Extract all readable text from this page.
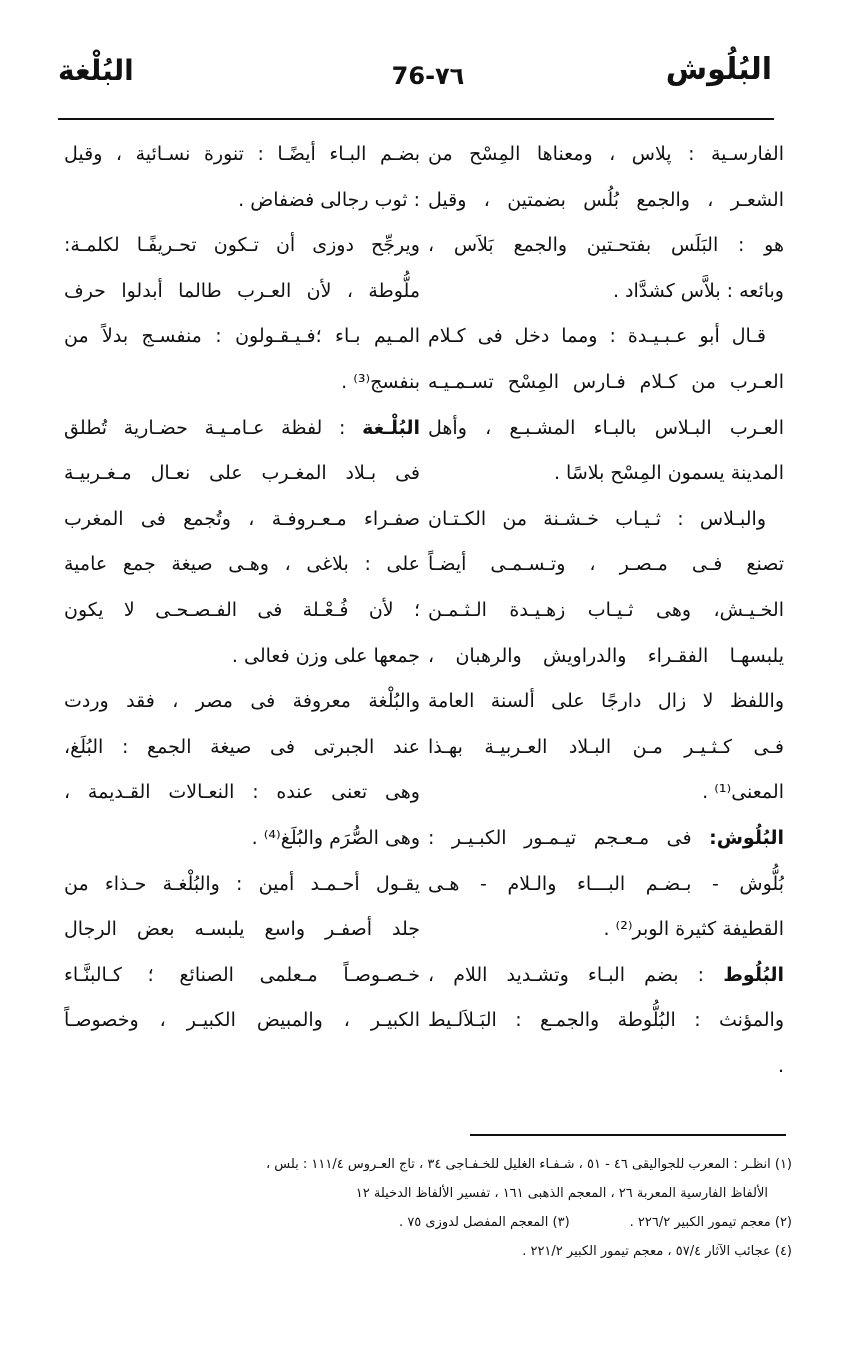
البُلُوش
76-٧٦
البُلْغة
الفارسـية : پلاس ، ومعناها المِسْح من
الشعـر ، والجمع بُلُس بضمتين ، وقيل
هو : البَلَس بفتحـتين والجمع بَلاَس ،
وبائعه : بلاَّس كشدَّاد .
قـال أبو عـبـيـدة : ومما دخل فى كـلام
العـرب من كـلام فـارس المِسْح تسـمـيـه
العـرب البـلاس بالبـاء المشـبـع ، وأهل
المدينة يسمون المِسْح بلاسًا .
والبـلاس : ثـيـاب خـشـنة من الكـتـان
تصنع فـى مـصـر ، وتـسـمـى أيضـاً
الخـيـش، وهى ثـيـاب زهـيـدة الـثـمـن
يلبسهـا الفقـراء والدراويش والرهبان ،
واللفظ لا زال دارجًا على ألسنة العامة
فـى كـثـيـر مـن البـلاد العـربيـة بهـذا
المعنى⁽¹⁾ .
البُلُوش: فى مـعـجم تيـمـور الكبـيـر :
بُلُّوش - بـضـم البـــاء والـلام - هـى
القطيفة كثيرة الوبر⁽²⁾ .
البُلُوط : بضم البـاء وتشـديد اللام ،
والمؤنث : البُلُّوطة والجمـع : البَـلاَلـيط
.
بضـم البـاء أيضًـا : تنورة نسـائية ، وقيل
: ثوب رجالى فضفاض .
ويرجِّح دوزى أن تـكون تحـريفًـا لكلمـة:
ملُّوطة ، لأن العـرب طالما أبدلوا حرف
المـيم بـاء ؛فـيـقـولون : منفسـج بدلاً من
بنفسج⁽³⁾ .
البُلْـغة : لفظة عـامـيـة حضـارية تُطلق
فى بـلاد المغـرب على نعـال مـغـربيـة
صفـراء مـعـروفـة ، وتُجمع فى المغرب
على : بلاغى ، وهـى صيغة جمع عامية
؛ لأن فُـعْـلة فى الفـصـحـى لا يكون
جمعها على وزن فعالى .
والبُلْغة معروفة فى مصر ، فقد وردت
عند الجبرتى فى صيغة الجمع : البُلَغ،
وهى تعنى عنده : النعـالات القـديمة ،
وهى الصُّرَم والبُلَغ⁽⁴⁾ .
يقـول أحـمـد أمين : والبُلْغـة حـذاء من
جلد أصفـر واسع يلبسـه بعض الرجال
خـصـوصـاً مـعلمى الصنائع ؛ كـالبنَّـاء
الكبيـر ، والمبيض الكبيـر ، وخصوصـاً
(١) انظـر : المعرب للجواليقى ٤٦ - ٥١ ، شـفـاء الغليل للخـفـاجى ٣٤ ، تاج العـروس ١١١/٤ : بلس ،
الألفاظ الفارسية المعربة ٢٦ ، المعجم الذهبى ١٦١ ، تفسير الألفاظ الدخيلة ١٢
(٢) معجم تيمور الكبير ٢٢٦/٢ .
(٣) المعجم المفصل لدوزى ٧٥ .
(٤) عجائب الآثار ٥٧/٤ ، معجم تيمور الكبير ٢٢١/٢ .
